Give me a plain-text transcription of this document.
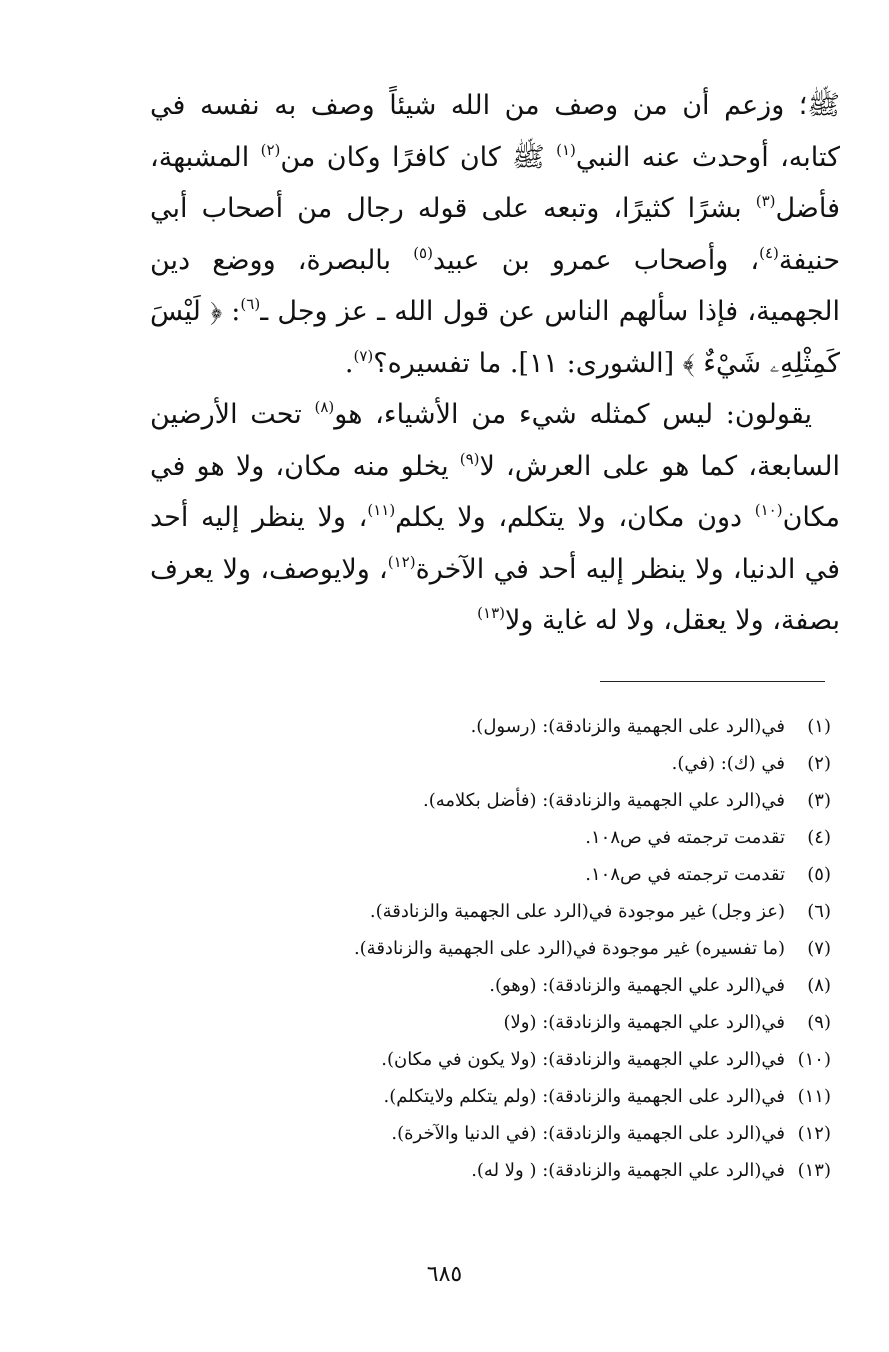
ﷺ؛ وزعم أن من وصف من الله شيئاً وصف به نفسه في كتابه، أوحدث عنه النبي$^{(١)}$ ﷺ كان كافرًا وكان من$^{(٢)}$ المشبهة، فأضل$^{(٣)}$ بشرًا كثيرًا، وتبعه على قوله رجال من أصحاب أبي حنيفة$^{(٤)}$، وأصحاب عمرو بن عبيد$^{(٥)}$ بالبصرة، ووضع دين الجهمية، فإذا سألهم الناس عن قول الله ـ عز وجل ـ$^{(٦)}$: ﴿ لَيْسَ كَمِثْلِهِۦ شَيْءٌ ﴾ [الشورى: ١١]. ما تفسيره؟$^{(٧)}$.

يقولون: ليس كمثله شيء من الأشياء، هو$^{(٨)}$ تحت الأرضين السابعة، كما هو على العرش، لا$^{(٩)}$ يخلو منه مكان، ولا هو في مكان$^{(١٠)}$ دون مكان، ولا يتكلم، ولا يكلم$^{(١١)}$، ولا ينظر إليه أحد في الدنيا، ولا ينظر إليه أحد في الآخرة$^{(١٢)}$، ولايوصف، ولا يعرف بصفة، ولا يعقل، ولا له غاية ولا$^{(١٣)}$

(١)في(الرد على الجهمية والزنادقة): (رسول).
(٢)في (ك): (في).
(٣)في(الرد علي الجهمية والزنادقة): (فأضل بكلامه).
(٤)تقدمت ترجمته في ص١٠٨.
(٥)تقدمت ترجمته في ص١٠٨.
(٦)(عز وجل) غير موجودة في(الرد على الجهمية والزنادقة).
(٧)(ما تفسيره) غير موجودة في(الرد على الجهمية والزنادقة).
(٨)في(الرد علي الجهمية والزنادقة): (وهو).
(٩)في(الرد علي الجهمية والزنادقة): (ولا)
(١٠)في(الرد علي الجهمية والزنادقة): (ولا يكون في مكان).
(١١)في(الرد على الجهمية والزنادقة): (ولم يتكلم ولايتكلم).
(١٢)في(الرد على الجهمية والزنادقة): (في الدنيا والآخرة).
(١٣)في(الرد علي الجهمية والزنادقة): ( ولا له).
٦٨٥
